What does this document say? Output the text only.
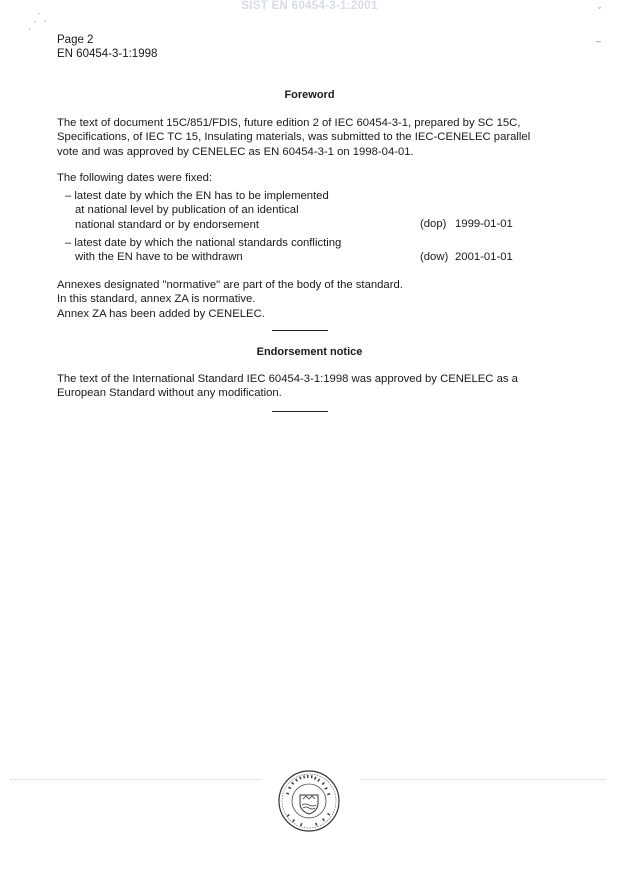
SIST EN 60454-3-1:2001
˙ ˏ
ˌ ˊ
ˇ
–
Page 2
EN 60454-3-1:1998
Foreword
The text of document 15C/851/FDIS, future edition 2 of IEC 60454-3-1, prepared by SC 15C,
Specifications, of IEC TC 15, Insulating materials, was submitted to the IEC-CENELEC parallel
vote and was approved by CENELEC as EN 60454-3-1 on 1998-04-01.
The following dates were fixed:
– latest date by which the EN has to be implemented
at national level by publication of an identical
national standard or by endorsement	(dop) 1999-01-01
– latest date by which the national standards conflicting
with the EN have to be withdrawn	(dow) 2001-01-01
Annexes designated "normative" are part of the body of the standard.
In this standard, annex ZA is normative.
Annex ZA has been added by CENELEC.
Endorsement notice
The text of the International Standard IEC 60454-3-1:1998 was approved by CENELEC as a
European Standard without any modification.
